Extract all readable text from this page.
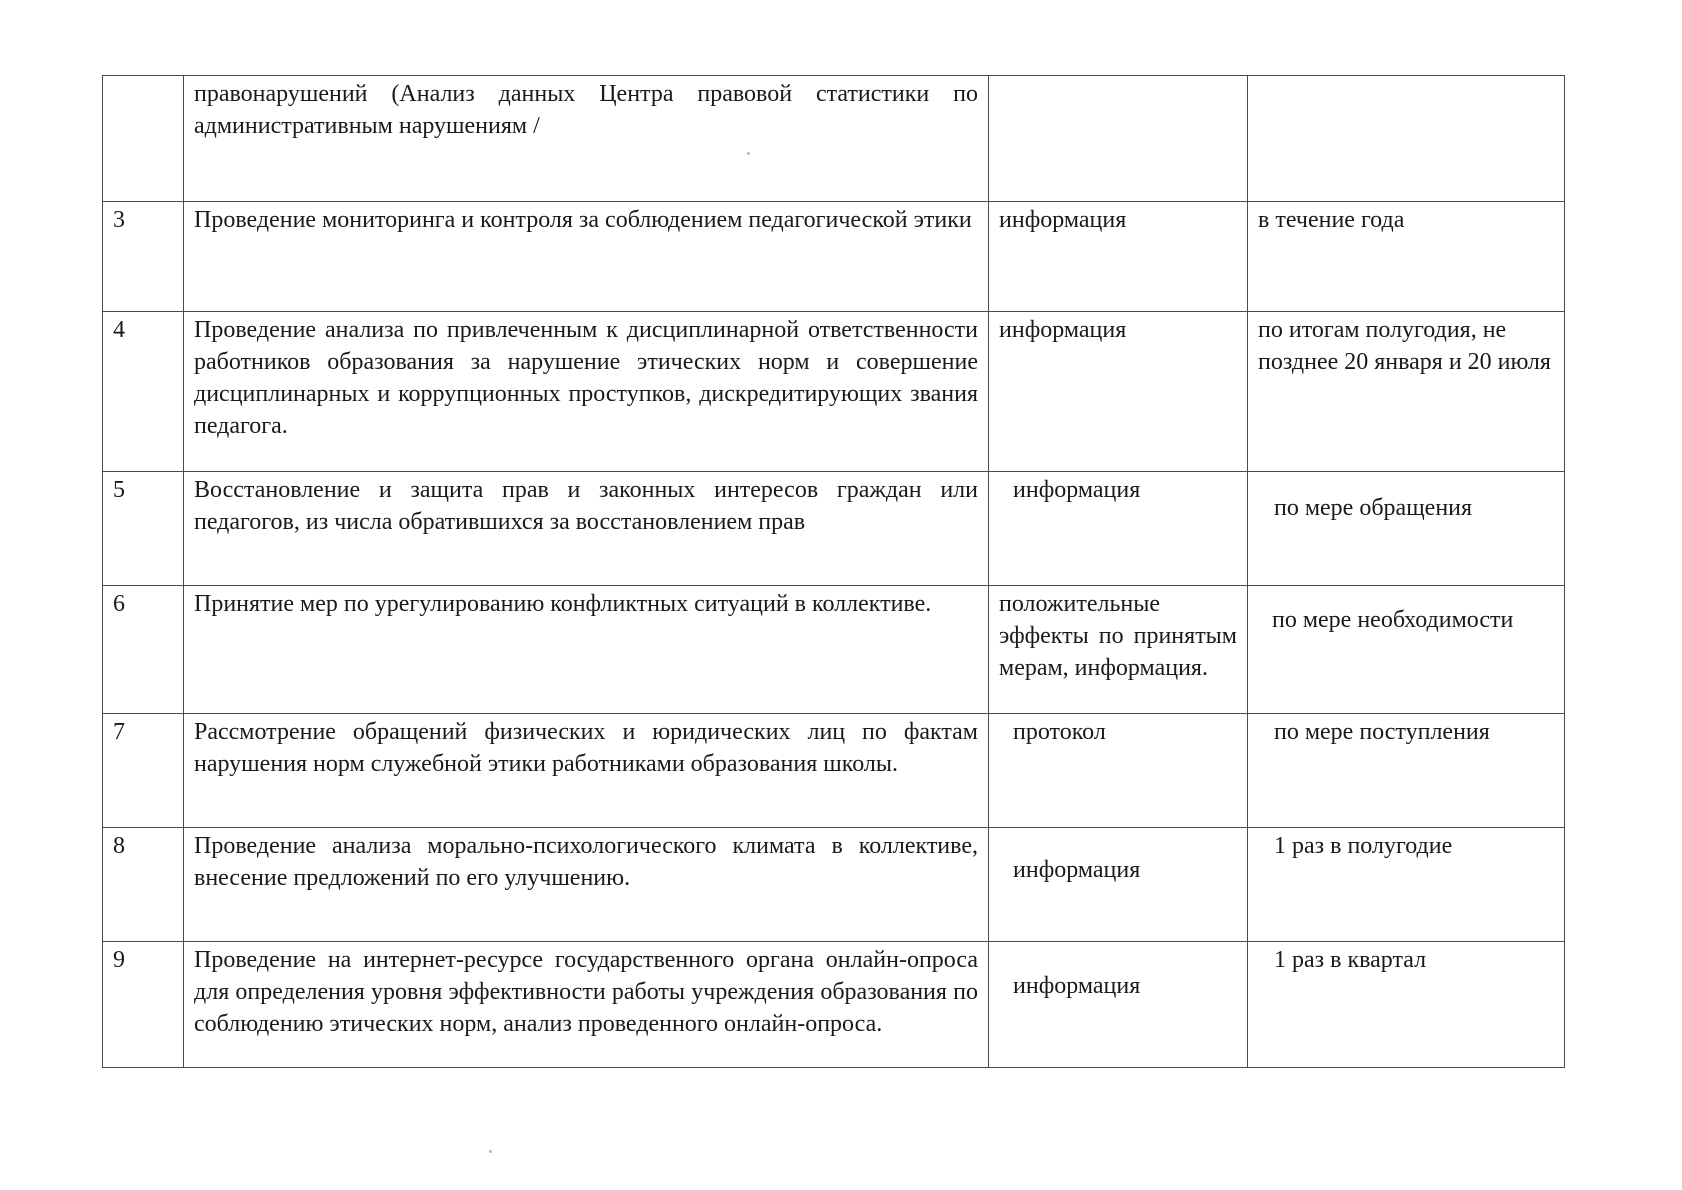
	правонарушений (Анализ данных Центра правовой статистики по административным нарушениям /		
3	Проведение мониторинга и контроля за соблюдением педагогической этики	информация	в течение года
4	Проведение анализа по привлеченным к дисциплинарной ответственности работников образования за нарушение этических норм и совершение дисциплинарных и коррупционных проступков, дискредитирующих звания педагога.	информация	по итогам полугодия, не позднее 20 января и 20 июля
5	Восстановление и защита прав и законных интересов граждан или педагогов, из числа обратившихся за восстановлением прав	информация	по мере обращения
6	Принятие мер по урегулированию конфликтных ситуаций в коллективе.	положительные эффекты по принятым мерам, информация.	по мере необходимости
7	Рассмотрение обращений физических и юридических лиц по фактам нарушения норм служебной этики работниками образования школы.	протокол	по мере поступления
8	Проведение анализа морально-психологического климата в коллективе, внесение предложений по его улучшению.	информация	1 раз в полугодие
9	Проведение на интернет-ресурсе государственного органа онлайн-опроса для определения уровня эффективности работы учреждения образования по соблюдению этических норм, анализ проведенного онлайн-опроса.	информация	1 раз в квартал
